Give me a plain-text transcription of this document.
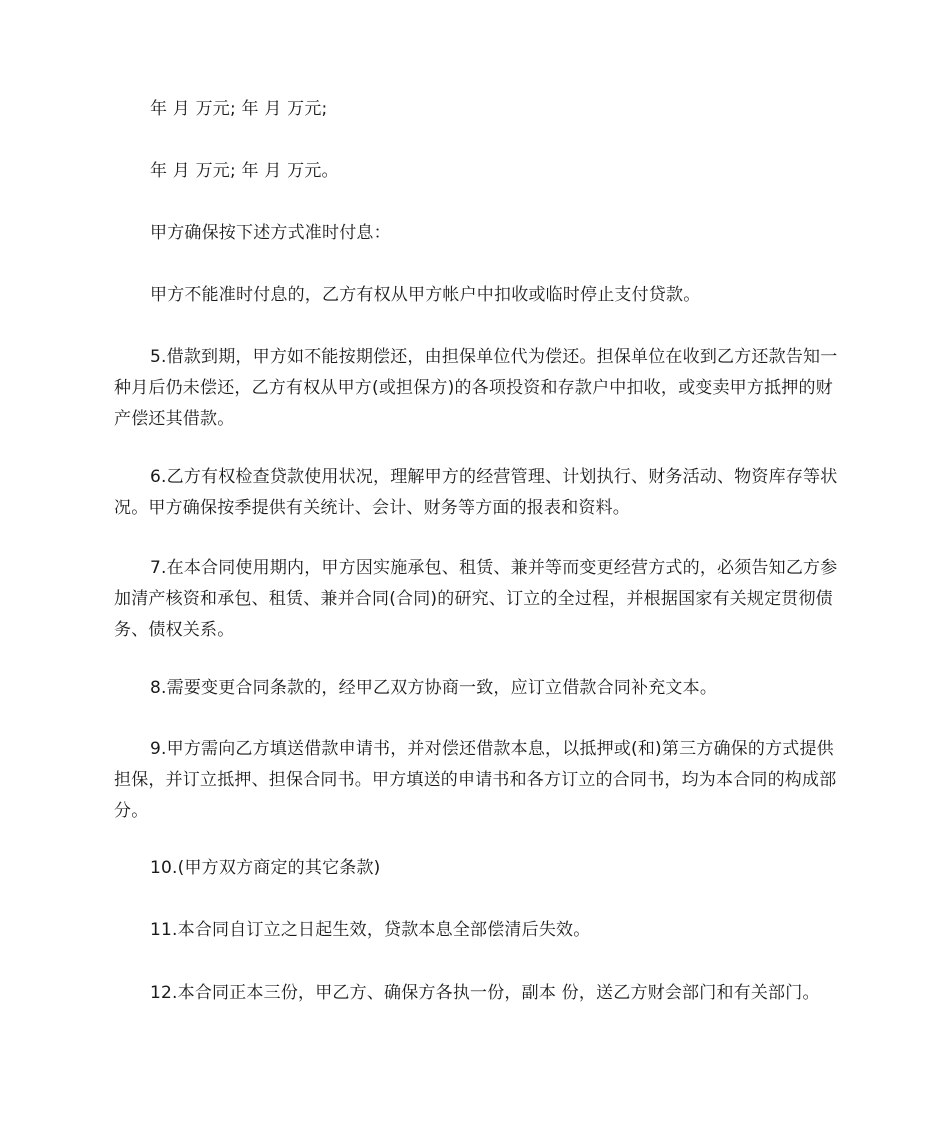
年 月 万元; 年 月 万元;

年 月 万元; 年 月 万元。

甲方确保按下述方式准时付息：

甲方不能准时付息的，乙方有权从甲方帐户中扣收或临时停止支付贷款。

5.借款到期，甲方如不能按期偿还，由担保单位代为偿还。担保单位在收到乙方还款告知一种月后仍未偿还，乙方有权从甲方(或担保方)的各项投资和存款户中扣收，或变卖甲方抵押的财产偿还其借款。

6.乙方有权检查贷款使用状况，理解甲方的经营管理、计划执行、财务活动、物资库存等状况。甲方确保按季提供有关统计、会计、财务等方面的报表和资料。

7.在本合同使用期内，甲方因实施承包、租赁、兼并等而变更经营方式的，必须告知乙方参加清产核资和承包、租赁、兼并合同(合同)的研究、订立的全过程，并根据国家有关规定贯彻债务、债权关系。

8.需要变更合同条款的，经甲乙双方协商一致，应订立借款合同补充文本。

9.甲方需向乙方填送借款申请书，并对偿还借款本息，以抵押或(和)第三方确保的方式提供担保，并订立抵押、担保合同书。甲方填送的申请书和各方订立的合同书，均为本合同的构成部分。

10.(甲方双方商定的其它条款)

11.本合同自订立之日起生效，贷款本息全部偿清后失效。

12.本合同正本三份，甲乙方、确保方各执一份，副本 份，送乙方财会部门和有关部门。
